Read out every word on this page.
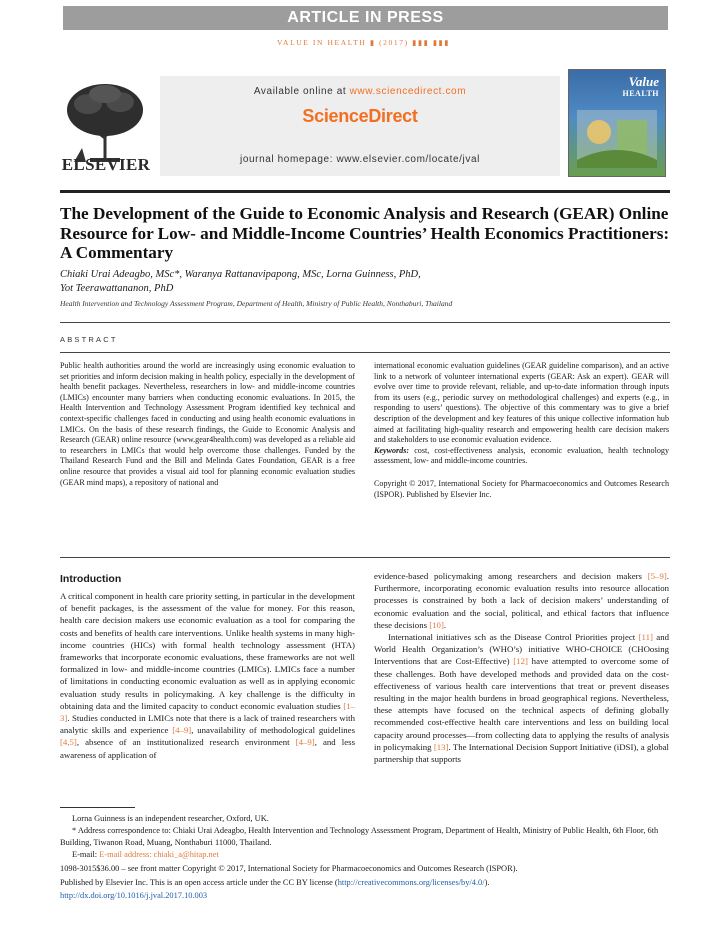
ARTICLE IN PRESS
VALUE IN HEALTH ▮ (2017) ▮▮▮ ▮▮▮
ELSEVIER
Available online at www.sciencedirect.com
ScienceDirect
journal homepage: www.elsevier.com/locate/jval
Value
HEALTH
The Development of the Guide to Economic Analysis and Research (GEAR) Online Resource for Low- and Middle-Income Countries’ Health Economics Practitioners: A Commentary
Chiaki Urai Adeagbo, MSc*, Waranya Rattanavipapong, MSc, Lorna Guinness, PhD,
Yot Teerawattananon, PhD
Health Intervention and Technology Assessment Program, Department of Health, Ministry of Public Health, Nonthaburi, Thailand
ABSTRACT
Public health authorities around the world are increasingly using economic evaluation to set priorities and inform decision making in health policy, especially in the development of health benefit packages. Nevertheless, researchers in low- and middle-income countries (LMICs) encounter many barriers when conducting economic evaluations. In 2015, the Health Intervention and Technology Assessment Program identified key technical and context-specific challenges faced in conducting and using health economic evaluations in LMICs. On the basis of these research findings, the Guide to Economic Analysis and Research (GEAR) online resource (www.gear4health.com) was developed as a reliable aid to researchers in LMICs that would help overcome those challenges. Funded by the Thailand Research Fund and the Bill and Melinda Gates Foundation, GEAR is a free online resource that provides a visual aid tool for planning economic evaluation studies (GEAR mind maps), a repository of national and
international economic evaluation guidelines (GEAR guideline comparison), and an active link to a network of volunteer international experts (GEAR: Ask an expert). GEAR will evolve over time to provide relevant, reliable, and up-to-date information through inputs from its users (e.g., periodic survey on methodological challenges) and experts (e.g., in responding to users’ questions). The objective of this commentary was to give a brief description of the development and key features of this unique collective information hub aimed at facilitating high-quality research and empowering health care decision makers and stakeholders to use economic evaluation evidence.
Keywords: cost, cost-effectiveness analysis, economic evaluation, health technology assessment, low- and middle-income countries.
Copyright © 2017, International Society for Pharmacoeconomics and Outcomes Research (ISPOR). Published by Elsevier Inc.
Introduction

A critical component in health care priority setting, in particular in the development of benefit packages, is the assessment of the value for money. For this reason, health care decision makers use economic evaluation as a tool for comparing the costs and benefits of health care interventions. Unlike health systems in many high-income countries (HICs) with formal health technology assessment (HTA) frameworks that incorporate economic evaluations, these frameworks are not well formalized in low- and middle-income countries (LMICs). LMICs face a number of limitations in conducting economic evaluation as well as in applying economic evaluation study results in policymaking. A key challenge is the difficulty in obtaining data and the limited capacity to conduct economic evaluation studies [1–3]. Studies conducted in LMICs note that there is a lack of trained researchers with analytic skills and experience [4–9], unavailability of methodological guidelines [4,5], absence of an institutionalized research environment [4–9], and less awareness of application of

evidence-based policymaking among researchers and decision makers [5–9]. Furthermore, incorporating economic evaluation results into resource allocation processes is constrained by both a lack of decision makers’ understanding of economic evaluation and the social, political, and ethical factors that influence these decisions [10].

International initiatives sch as the Disease Control Priorities project [11] and World Health Organization’s (WHO’s) initiative WHO-CHOICE (CHOosing Interventions that are Cost-Effective) [12] have attempted to overcome some of these challenges. Both have developed methods and provided data on the cost-effectiveness of various health care interventions that treat or prevent diseases resulting in the major health burdens in broad geographical regions. Nevertheless, these attempts have focused on the technical aspects of defining globally recommended cost-effective health care interventions and less on building local capacity around processes—from collecting data to applying the results of analysis in policymaking [13]. The International Decision Support Initiative (iDSI), a global partnership that supports

Lorna Guinness is an independent researcher, Oxford, UK.

* Address correspondence to: Chiaki Urai Adeagbo, Health Intervention and Technology Assessment Program, Department of Health, Ministry of Public Health, 6th Floor, 6th Building, Tiwanon Road, Muang, Nonthaburi 11000, Thailand.

E-mail: E-mail address: chiaki_a@hitap.net

1098-3015$36.00 – see front matter Copyright © 2017, International Society for Pharmacoeconomics and Outcomes Research (ISPOR).

Published by Elsevier Inc. This is an open access article under the CC BY license (http://creativecommons.org/licenses/by/4.0/).

http://dx.doi.org/10.1016/j.jval.2017.10.003
